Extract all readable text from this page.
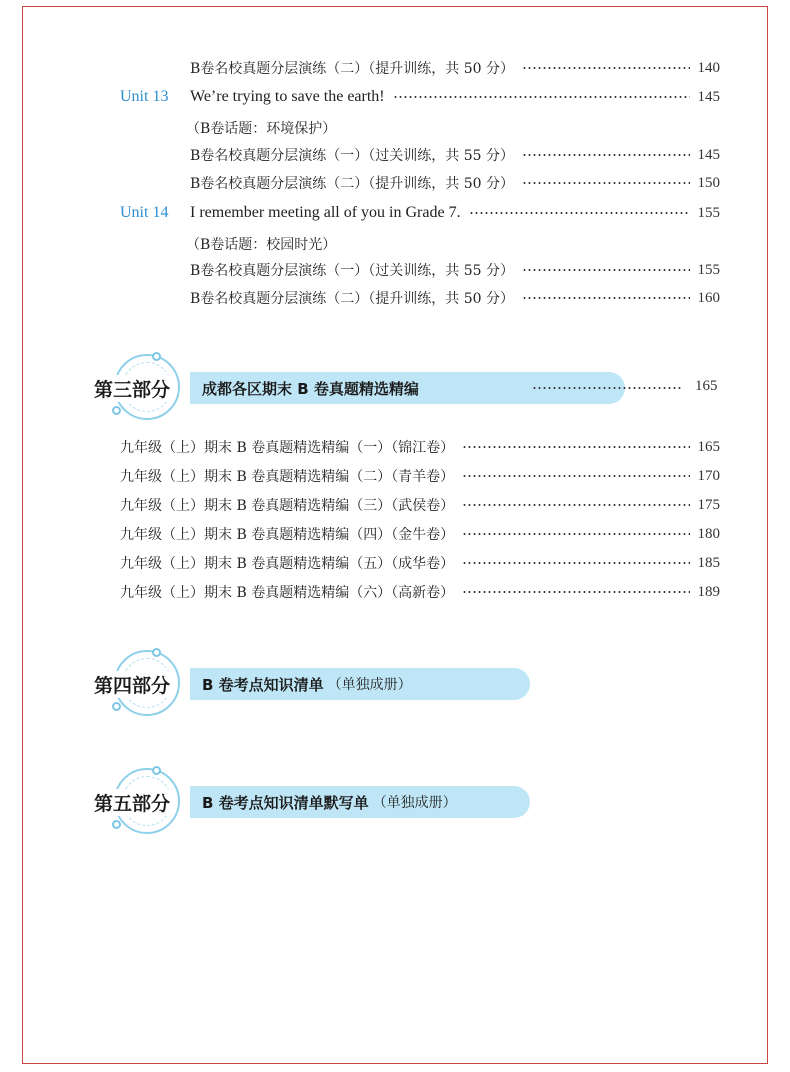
B卷名校真题分层演练（二）（提升训练，共 50 分）	140
Unit 13 We’re trying to save the earth!	145
（B卷话题：环境保护）
B卷名校真题分层演练（一）（过关训练，共 55 分）	145
B卷名校真题分层演练（二）（提升训练，共 50 分）	150
Unit 14 I remember meeting all of you in Grade 7.	155
（B卷话题：校园时光）
B卷名校真题分层演练（一）（过关训练，共 55 分）	155
B卷名校真题分层演练（二）（提升训练，共 50 分）	160
第三部分 成都各区期末 B 卷真题精选精编	165
九年级（上）期末 B 卷真题精选精编（一）（锦江卷）	165
九年级（上）期末 B 卷真题精选精编（二）（青羊卷）	170
九年级（上）期末 B 卷真题精选精编（三）（武侯卷）	175
九年级（上）期末 B 卷真题精选精编（四）（金牛卷）	180
九年级（上）期末 B 卷真题精选精编（五）（成华卷）	185
九年级（上）期末 B 卷真题精选精编（六）（高新卷）	189
第四部分 B 卷考点知识清单 （单独成册）
第五部分 B 卷考点知识清单默写单 （单独成册）
